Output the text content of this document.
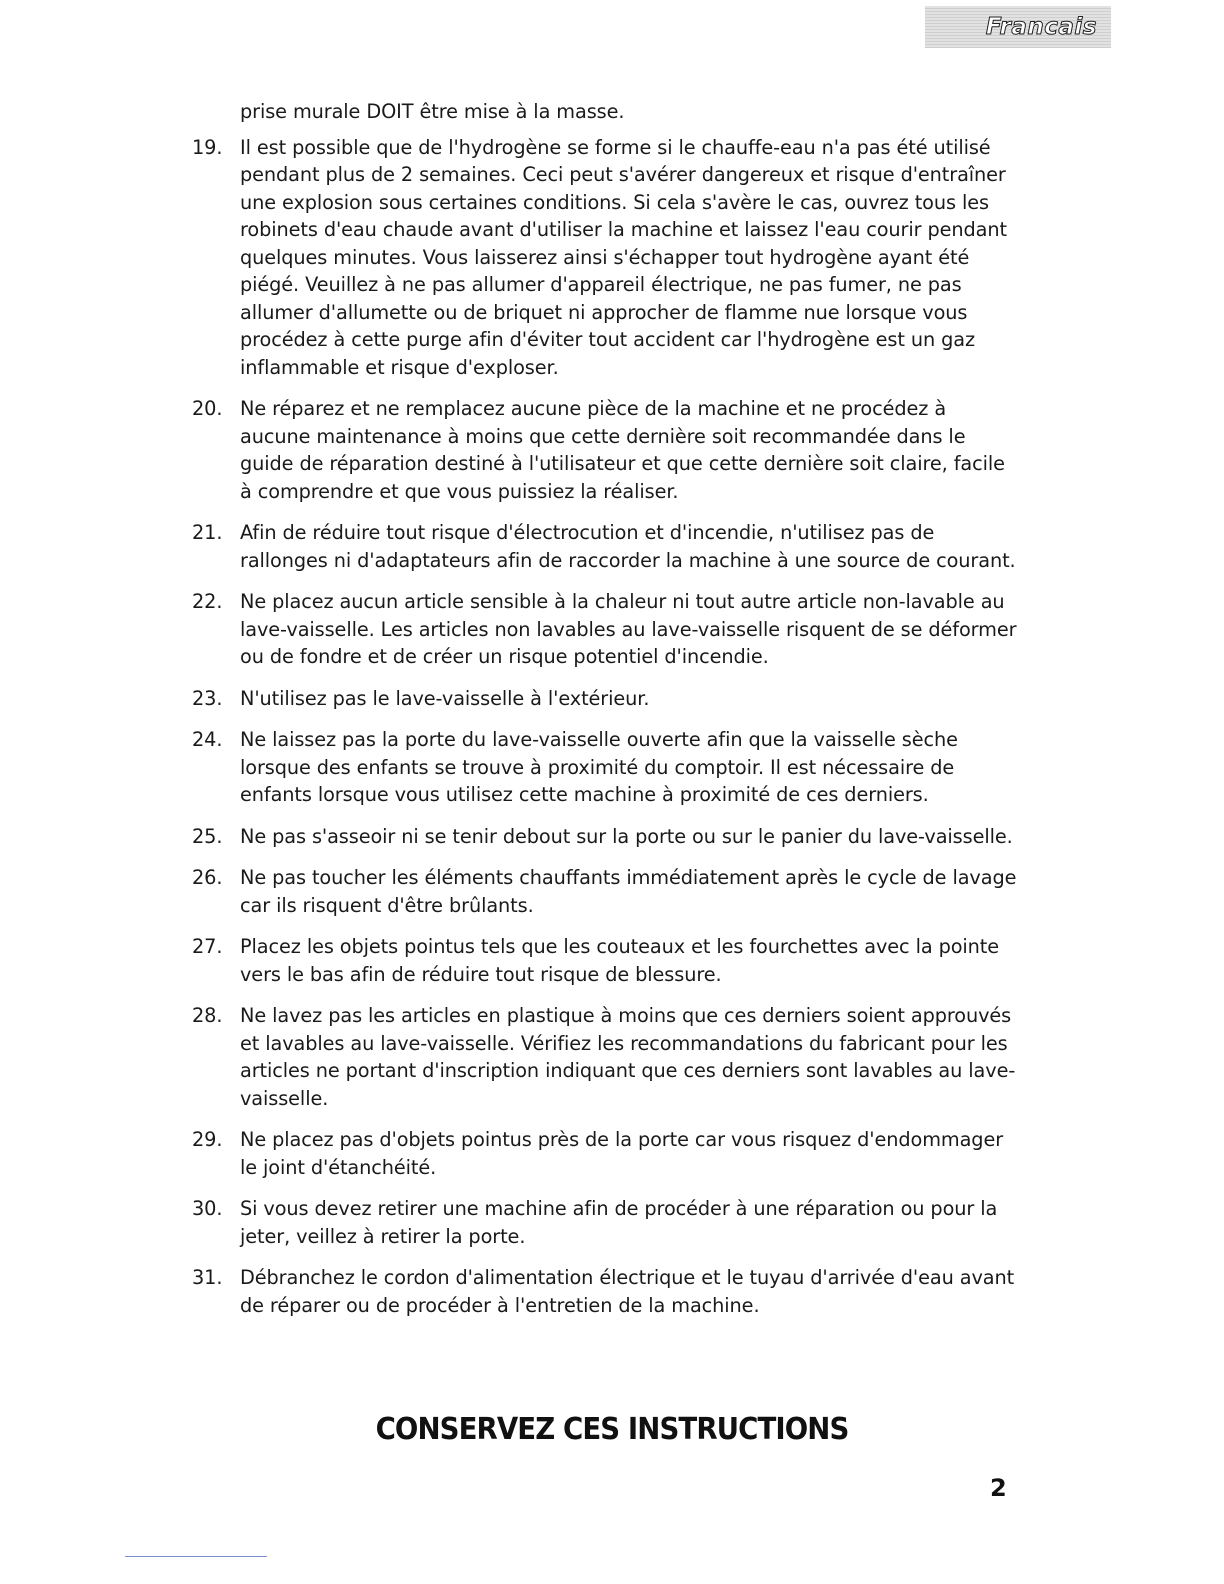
Francais
prise murale DOIT être mise à la masse.
19. Il est possible que de l'hydrogène se forme si le chauffe-eau n'a pas été utilisé pendant plus de 2 semaines. Ceci peut s'avérer dangereux et risque d'entraîner une explosion sous certaines conditions. Si cela s'avère le cas, ouvrez tous les robinets d'eau chaude avant d'utiliser la machine et laissez l'eau courir pendant quelques minutes. Vous laisserez ainsi s'échapper tout hydrogène ayant été piégé. Veuillez à ne pas allumer d'appareil électrique, ne pas fumer, ne pas allumer d'allumette ou de briquet ni approcher de flamme nue lorsque vous procédez à cette purge afin d'éviter tout accident car l'hydrogène est un gaz inflammable et risque d'exploser.
20. Ne réparez et ne remplacez aucune pièce de la machine et ne procédez à aucune maintenance à moins que cette dernière soit recommandée dans le guide de réparation destiné à l'utilisateur et que cette dernière soit claire, facile à comprendre et que vous puissiez la réaliser.
21. Afin de réduire tout risque d'électrocution et d'incendie, n'utilisez pas de rallonges ni d'adaptateurs afin de raccorder la machine à une source de courant.
22. Ne placez aucun article sensible à la chaleur ni tout autre article non-lavable au lave-vaisselle. Les articles non lavables au lave-vaisselle risquent de se déformer ou de fondre et de créer un risque potentiel d'incendie.
23. N'utilisez pas le lave-vaisselle à l'extérieur.
24. Ne laissez pas la porte du lave-vaisselle ouverte afin que la vaisselle sèche lorsque des enfants se trouve à proximité du comptoir. Il est nécessaire de enfants lorsque vous utilisez cette machine à proximité de ces derniers.
25. Ne pas s'asseoir ni se tenir debout sur la porte ou sur le panier du lave-vaisselle.
26. Ne pas toucher les éléments chauffants immédiatement après le cycle de lavage car ils risquent d'être brûlants.
27. Placez les objets pointus tels que les couteaux et les fourchettes avec la pointe vers le bas afin de réduire tout risque de blessure.
28. Ne lavez pas les articles en plastique à moins que ces derniers soient approuvés et lavables au lave-vaisselle. Vérifiez les recommandations du fabricant pour les articles ne portant d'inscription indiquant que ces derniers sont lavables au lave-vaisselle.
29. Ne placez pas d'objets pointus près de la porte car vous risquez d'endommager le joint d'étanchéité.
30. Si vous devez retirer une machine afin de procéder à une réparation ou pour la jeter, veillez à retirer la porte.
31. Débranchez le cordon d'alimentation électrique et le tuyau d'arrivée d'eau avant de réparer ou de procéder à l'entretien de la machine.
CONSERVEZ CES INSTRUCTIONS
2
